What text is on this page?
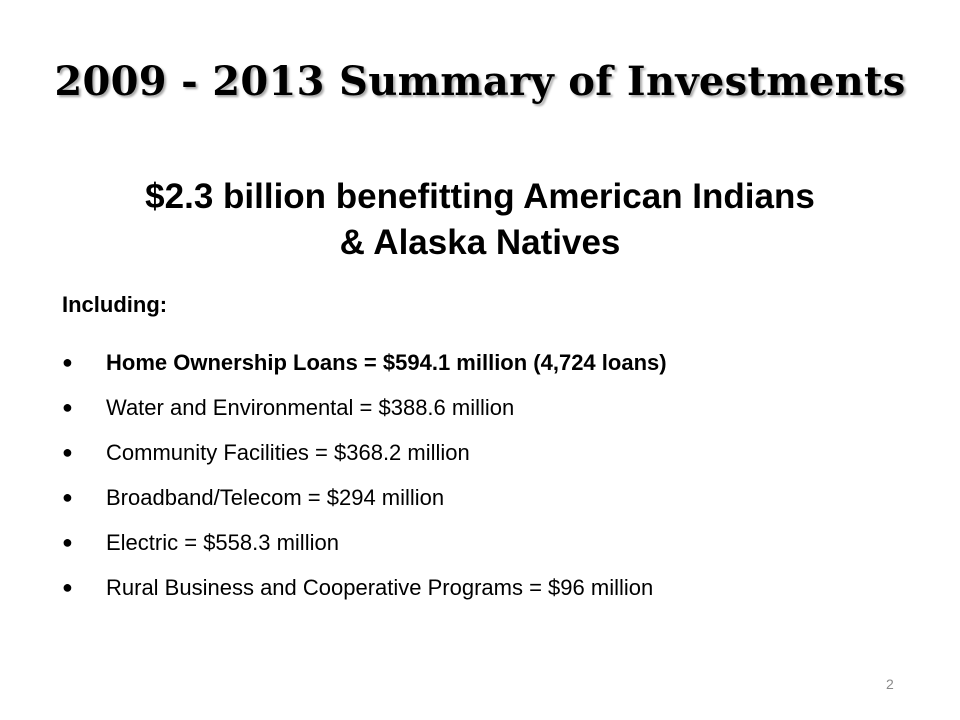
2009 - 2013 Summary of Investments
$2.3 billion benefitting American Indians
& Alaska Natives

Including:

●	Home Ownership Loans = $594.1 million (4,724 loans)
●	Water and Environmental = $388.6 million
●	Community Facilities = $368.2 million
●	Broadband/Telecom = $294 million
●	Electric = $558.3 million
●	Rural Business and Cooperative Programs = $96 million
2
